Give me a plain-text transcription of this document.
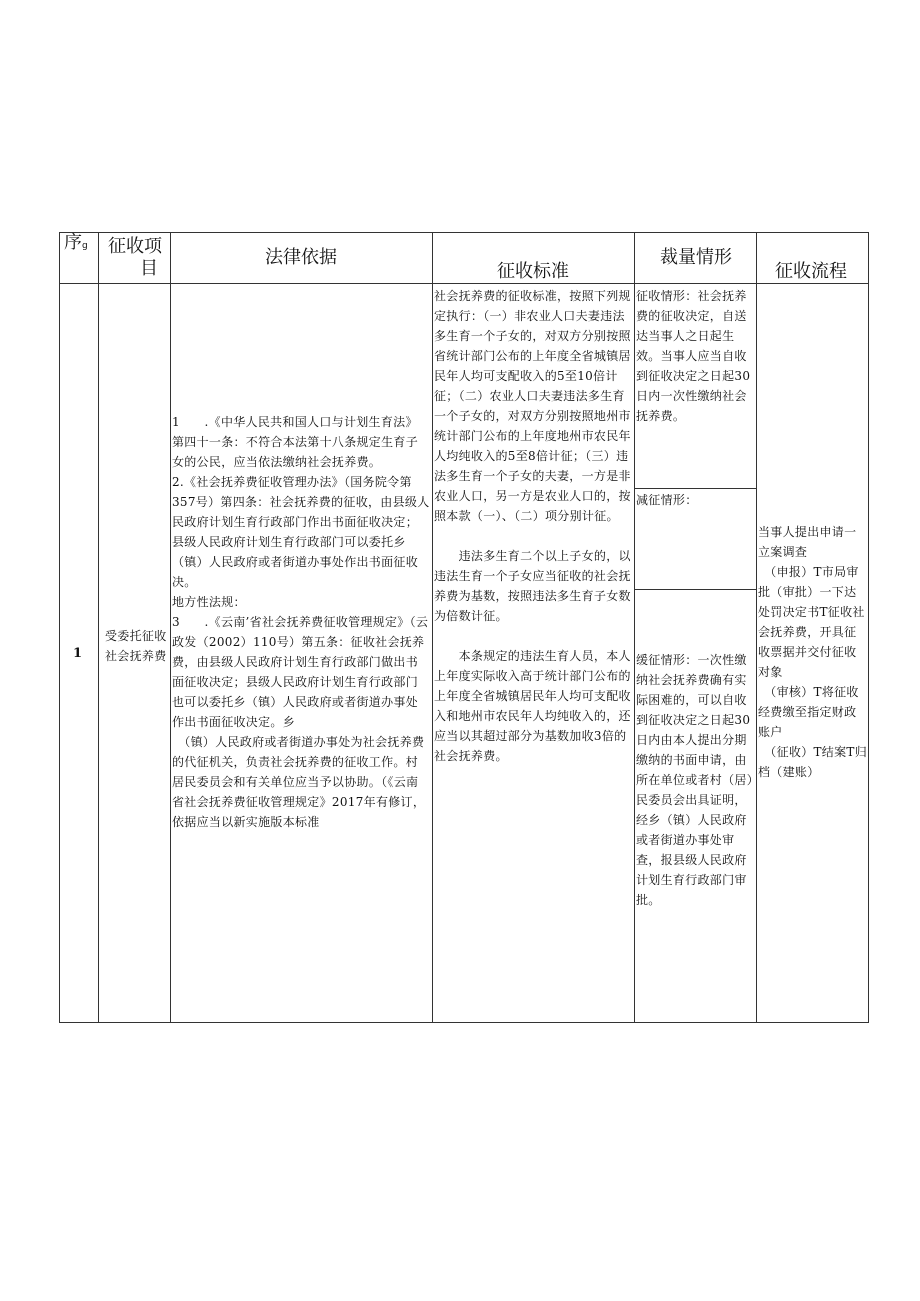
序g	征收项
目
法律依据
征收标准
裁量情形
征收流程
1
受委托征收社会抚养费

1　　.《中华人民共和国人口与计划生育法》第四十一条：不符合本法第十八条规定生育子女的公民，应当依法缴纳社会抚养费。

2.《社会抚养费征收管理办法》（国务院令第357号）第四条：社会抚养费的征收，由县级人民政府计划生育行政部门作出书面征收决定；县级人民政府计划生育行政部门可以委托乡（镇）人民政府或者街道办事处作出书面征收决。

地方性法规：

3　　.《云南’省社会抚养费征收管理规定》（云政发（2002）110号）第五条：征收社会抚养费，由县级人民政府计划生育行政部门做出书面征收决定；县级人民政府计划生育行政部门也可以委托乡（镇）人民政府或者街道办事处作出书面征收决定。乡

　（镇）人民政府或者街道办事处为社会抚养费的代征机关，负责社会抚养费的征收工作。村居民委员会和有关单位应当予以协助。（《云南省社会抚养费征收管理规定》2017年有修订，依据应当以新实施版本标准

社会抚养费的征收标准，按照下列规定执行：（一）非农业人口夫妻违法多生育一个子女的，对双方分别按照省统计部门公布的上年度全省城镇居民年人均可支配收入的5至10倍计征；（二）农业人口夫妻违法多生育一个子女的，对双方分别按照地州市统计部门公布的上年度地州市农民年人均纯收入的5至8倍计征；（三）违法多生育一个子女的夫妻，一方是非农业人口，另一方是农业人口的，按照本款（一）、（二）项分别计征。

　　违法多生育二个以上子女的，以违法生育一个子女应当征收的社会抚养费为基数，按照违法多生育子女数为倍数计征。

　　本条规定的违法生育人员，本人上年度实际收入高于统计部门公布的上年度全省城镇居民年人均可支配收入和地州市农民年人均纯收入的，还应当以其超过部分为基数加收3倍的社会抚养费。

征收情形：社会抚养费的征收决定，自送达当事人之日起生效。当事人应当自收到征收决定之日起30日内一次性缴纳社会抚养费。
减征情形：
缓征情形：一次性缴纳社会抚养费确有实际困难的，可以自收到征收决定之日起30日内由本人提出分期缴纳的书面申请，由所在单位或者村（居）民委员会出具证明，经乡（镇）人民政府或者街道办事处审查，报县级人民政府计划生育行政部门审批。

当事人提出申请一立案调查

　（申报）T市局审批（审批）一下达处罚决定书T征收社会抚养费，开具征收票据并交付征收对象

　（审核）T将征收经费缴至指定财政账户

　（征收）T结案T归档（建账）
